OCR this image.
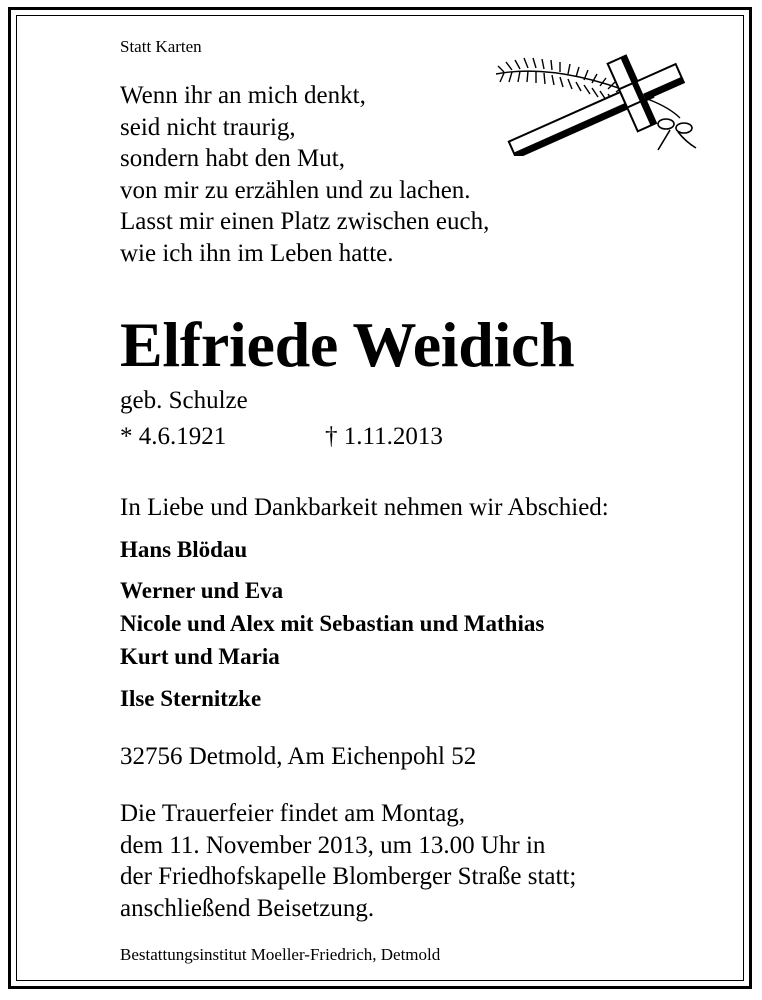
Statt Karten

Wenn ihr an mich denkt,
seid nicht traurig,
sondern habt den Mut,
von mir zu erzählen und zu lachen.
Lasst mir einen Platz zwischen euch,
wie ich ihn im Leben hatte.
Elfriede Weidich

geb. Schulze

* 4.6.1921	† 1.11.2013

In Liebe und Dankbarkeit nehmen wir Abschied:

Hans Blödau
Werner und Eva
Nicole und Alex mit Sebastian und Mathias
Kurt und Maria
Ilse Sternitzke

32756 Detmold, Am Eichenpohl 52

Die Trauerfeier findet am Montag,
dem 11. November 2013, um 13.00 Uhr in
der Friedhofskapelle Blomberger Straße statt;
anschließend Beisetzung.

Bestattungsinstitut Moeller-Friedrich, Detmold
